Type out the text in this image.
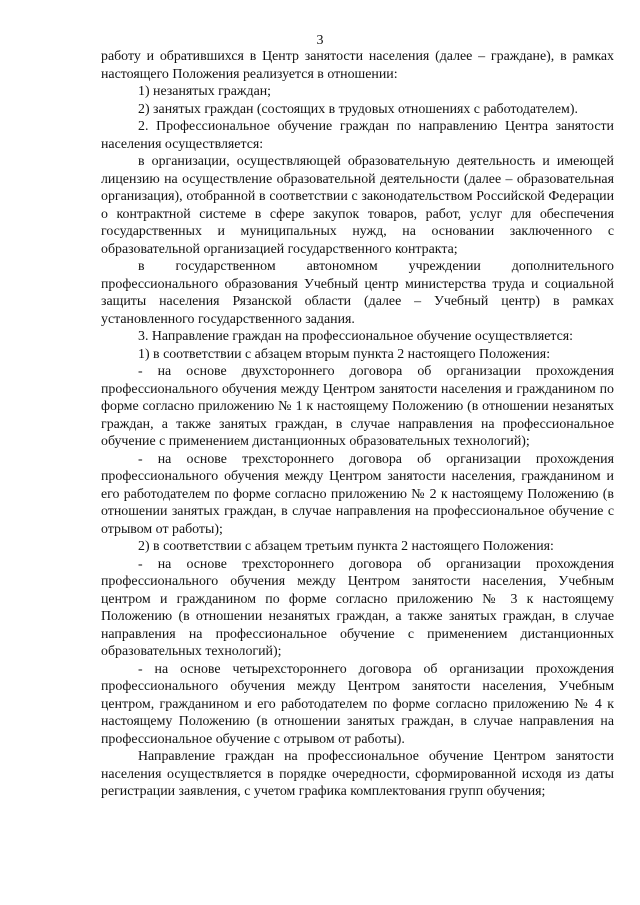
3

работу и обратившихся в Центр занятости населения (далее – граждане), в рамках настоящего Положения реализуется в отношении:

1) незанятых граждан;

2) занятых граждан (состоящих в трудовых отношениях с работодателем).

2. Профессиональное обучение граждан по направлению Центра занятости населения осуществляется:

в организации, осуществляющей образовательную деятельность и имеющей лицензию на осуществление образовательной деятельности (далее – образовательная организация), отобранной в соответствии с законодательством Российской Федерации о контрактной системе в сфере закупок товаров, работ, услуг для обеспечения государственных и муниципальных нужд, на основании заключенного с образовательной организацией государственного контракта;

в государственном автономном учреждении дополнительного профессионального образования Учебный центр министерства труда и социальной защиты населения Рязанской области (далее – Учебный центр) в рамках установленного государственного задания.

3. Направление граждан на профессиональное обучение осуществляется:

1) в соответствии с абзацем вторым пункта 2 настоящего Положения:

- на основе двухстороннего договора об организации прохождения профессионального обучения между Центром занятости населения и гражданином по форме согласно приложению № 1 к настоящему Положению (в отношении незанятых граждан, а также занятых граждан, в случае направления на профессиональное обучение с применением дистанционных образовательных технологий);

- на основе трехстороннего договора об организации прохождения профессионального обучения между Центром занятости населения, гражданином и его работодателем по форме согласно приложению № 2 к настоящему Положению (в отношении занятых граждан, в случае направления на профессиональное обучение с отрывом от работы);

2) в соответствии с абзацем третьим пункта 2 настоящего Положения:

- на основе трехстороннего договора об организации прохождения профессионального обучения между Центром занятости населения, Учебным центром и гражданином по форме согласно приложению № 3 к настоящему Положению (в отношении незанятых граждан, а также занятых граждан, в случае направления на профессиональное обучение с применением дистанционных образовательных технологий);

- на основе четырехстороннего договора об организации прохождения профессионального обучения между Центром занятости населения, Учебным центром, гражданином и его работодателем по форме согласно приложению № 4 к настоящему Положению (в отношении занятых граждан, в случае направления на профессиональное обучение с отрывом от работы).

Направление граждан на профессиональное обучение Центром занятости населения осуществляется в порядке очередности, сформированной исходя из даты регистрации заявления, с учетом графика комплектования групп обучения;
